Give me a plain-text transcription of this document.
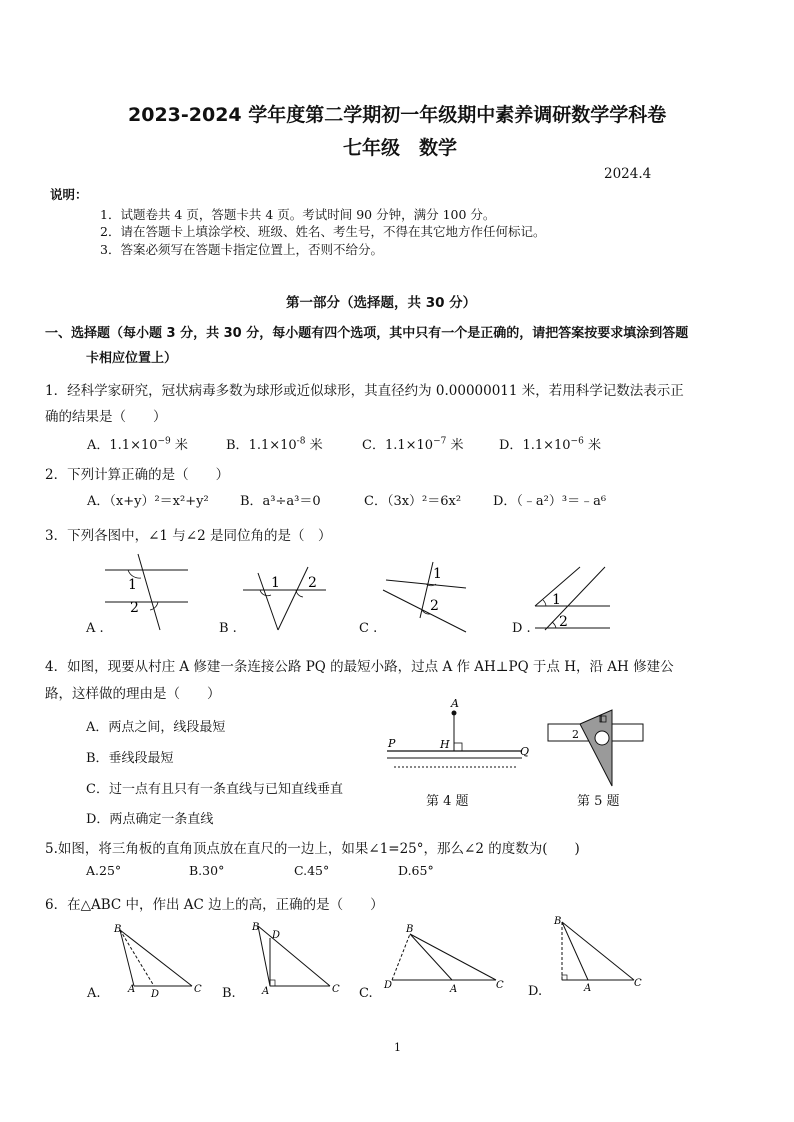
2023-2024 学年度第二学期初一年级期中素养调研数学学科卷
七年级　数学
2024.4
说明：
1．试题卷共 4 页，答题卡共 4 页。考试时间 90 分钟，满分 100 分。
2．请在答题卡上填涂学校、班级、姓名、考生号，不得在其它地方作任何标记。
3．答案必须写在答题卡指定位置上，否则不给分。
第一部分（选择题，共 30 分）
一、选择题（每小题 3 分，共 30 分，每小题有四个选项，其中只有一个是正确的，请把答案按要求填涂到答题
卡相应位置上）
1．经科学家研究，冠状病毒多数为球形或近似球形，其直径约为 0.00000011 米，若用科学记数法表示正
确的结果是（　　）
A．$1.1\times 10^{-9}$ 米	B．$1.1\times 10^{-8}$ 米	C．$1.1\times 10^{-7}$ 米	D．$1.1\times 10^{-6}$ 米
2．下列计算正确的是（　　）
A．（x+y）²＝x²+y² B．a³÷a³＝0	C．（3x）²＝6x² D．（﹣a²）³＝﹣a⁶
3．下列各图中，∠1 与∠2 是同位角的是（　）
1
2
A .
1 2
B .
1
2
C .
1
2
D .
4．如图，现要从村庄 A 修建一条连接公路 PQ 的最短小路，过点 A 作 AH⊥PQ 于点 H，沿 AH 修建公
路，这样做的理由是（　　）
A．两点之间，线段最短
B．垂线段最短
C．过一点有且只有一条直线与已知直线垂直
D．两点确定一条直线
A
H
P
Q
第 4 题
1
2
第 5 题
5.如图，将三角板的直角顶点放在直尺的一边上，如果∠1=25°，那么∠2 的度数为(　　)
A.25°	B.30°	C.45°	D.65°
6．在△ABC 中，作出 AC 边上的高，正确的是（　　）
B
A D	C
A.
B
D
A	C
B.
B
D	A	C
C.
B
A	C
D.
1
